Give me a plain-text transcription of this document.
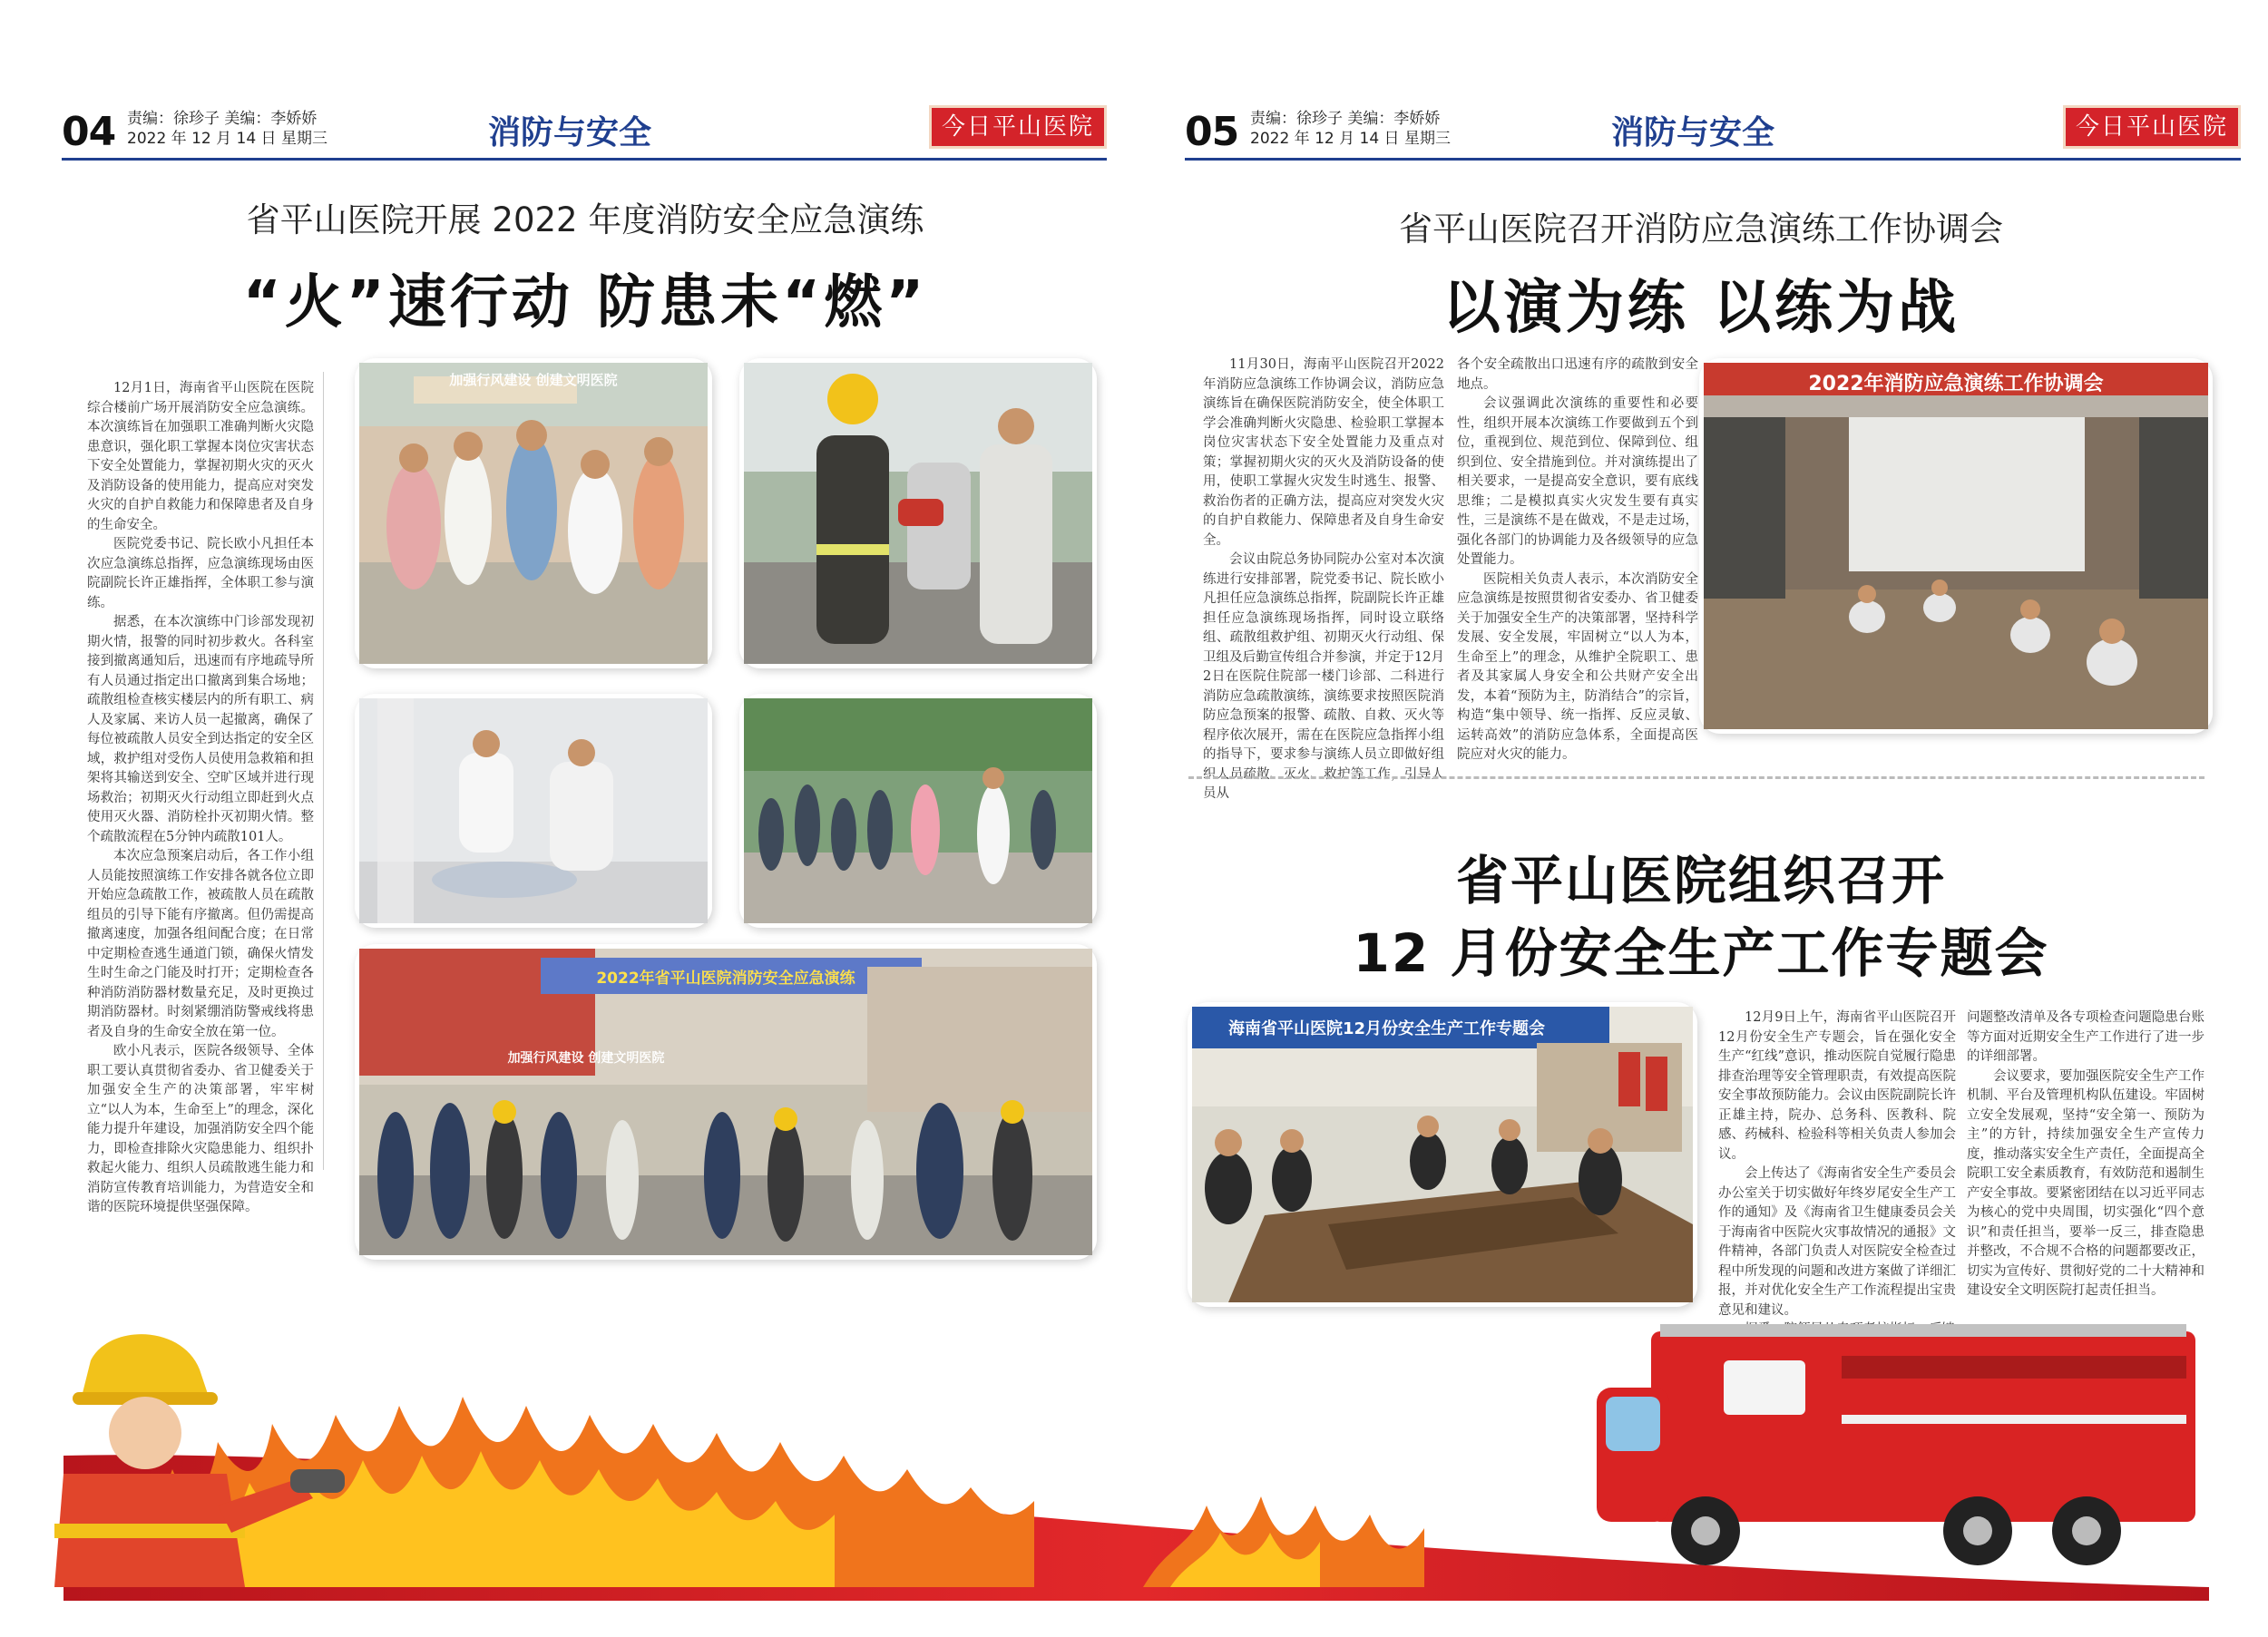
04 责编：徐珍子 美编：李娇娇
2022 年 12 月 14 日 星期三	消防与安全	今日平山医院
省平山医院开展 2022 年度消防安全应急演练
“火”速行动 防患未“燃”

12月1日，海南省平山医院在医院综合楼前广场开展消防安全应急演练。本次演练旨在加强职工准确判断火灾隐患意识，强化职工掌握本岗位灾害状态下安全处置能力，掌握初期火灾的灭火及消防设备的使用能力，提高应对突发火灾的自护自救能力和保障患者及自身的生命安全。

医院党委书记、院长欧小凡担任本次应急演练总指挥，应急演练现场由医院副院长许正雄指挥，全体职工参与演练。

据悉，在本次演练中门诊部发现初期火情，报警的同时初步救火。各科室接到撤离通知后，迅速而有序地疏导所有人员通过指定出口撤离到集合场地；疏散组检查核实楼层内的所有职工、病人及家属、来访人员一起撤离，确保了每位被疏散人员安全到达指定的安全区域，救护组对受伤人员使用急救箱和担架将其输送到安全、空旷区域并进行现场救治；初期灭火行动组立即赶到火点使用灭火器、消防栓扑灭初期火情。整个疏散流程在5分钟内疏散101人。

本次应急预案启动后，各工作小组人员能按照演练工作安排各就各位立即开始应急疏散工作，被疏散人员在疏散组员的引导下能有序撤离。但仍需提高撤离速度，加强各组间配合度；在日常中定期检查逃生通道门锁，确保火情发生时生命之门能及时打开；定期检查各种消防消防器材数量充足，及时更换过期消防器材。时刻紧绷消防警戒线将患者及自身的生命安全放在第一位。

欧小凡表示，医院各级领导、全体职工要认真贯彻省委办、省卫健委关于加强安全生产的决策部署，牢牢树立“以人为本，生命至上”的理念，深化能力提升年建设，加强消防安全四个能力，即检查排除火灾隐患能力、组织扑救起火能力、组织人员疏散逃生能力和消防宣传教育培训能力，为营造安全和谐的医院环境提供坚强保障。

加强行风建设 创建文明医院
2022年省平山医院消防安全应急演练
加强行风建设 创建文明医院
05 责编：徐珍子 美编：李娇娇
2022 年 12 月 14 日 星期三	消防与安全	今日平山医院
省平山医院召开消防应急演练工作协调会
以演为练 以练为战

11月30日，海南平山医院召开2022年消防应急演练工作协调会议，消防应急演练旨在确保医院消防安全，使全体职工学会准确判断火灾隐患、检验职工掌握本岗位灾害状态下安全处置能力及重点对策；掌握初期火灾的灭火及消防设备的使用，使职工掌握火灾发生时逃生、报警、救治伤者的正确方法，提高应对突发火灾的自护自救能力、保障患者及自身生命安全。

会议由院总务协同院办公室对本次演练进行安排部署，院党委书记、院长欧小凡担任应急演练总指挥，院副院长许正雄担任应急演练现场指挥，同时设立联络组、疏散组救护组、初期灭火行动组、保卫组及后勤宣传组合并参演，并定于12月2日在医院住院部一楼门诊部、二科进行消防应急疏散演练，演练要求按照医院消防应急预案的报警、疏散、自救、灭火等程序依次展开，需在在医院应急指挥小组的指导下，要求参与演练人员立即做好组织人员疏散、灭火、救护等工作，引导人员从

各个安全疏散出口迅速有序的疏散到安全地点。

会议强调此次演练的重要性和必要性，组织开展本次演练工作要做到五个到位，重视到位、规范到位、保障到位、组织到位、安全措施到位。并对演练提出了相关要求，一是提高安全意识，要有底线思维；二是模拟真实火灾发生要有真实性，三是演练不是在做戏，不是走过场，强化各部门的协调能力及各级领导的应急处置能力。

医院相关负责人表示，本次消防安全应急演练是按照贯彻省安委办、省卫健委关于加强安全生产的决策部署，坚持科学发展、安全发展，牢固树立“以人为本，生命至上”的理念，从维护全院职工、患者及其家属人身安全和公共财产安全出发，本着“预防为主，防消结合”的宗旨，构造“集中领导、统一指挥、反应灵敏、运转高效”的消防应急体系，全面提高医院应对火灾的能力。

2022年消防应急演练工作协调会
省平山医院组织召开
12 月份安全生产工作专题会
海南省平山医院12月份安全生产工作专题会

12月9日上午，海南省平山医院召开12月份安全生产专题会，旨在强化安全生产“红线”意识，推动医院自觉履行隐患排查治理等安全管理职责，有效提高医院安全事故预防能力。会议由医院副院长许正雄主持，院办、总务科、医教科、院感、药械科、检验科等相关负责人参加会议。

会上传达了《海南省安全生产委员会办公室关于切实做好年终岁尾安全生产工作的通知》及《海南省卫生健康委员会关于海南省中医院火灾事故情况的通报》文件精神，各部门负责人对医院安全检查过程中所发现的问题和改进方案做了详细汇报，并对优化安全生产工作流程提出宝贵意见和建议。

问题整改清单及各专项检查问题隐患台账等方面对近期安全生产工作进行了进一步的详细部署。

会议要求，要加强医院安全生产工作机制、平台及管理机构队伍建设。牢固树立安全发展观，坚持“安全第一、预防为主”的方针，持续加强安全生产宣传力度，推动落实安全生产责任，全面提高全院职工安全素质教育，有效防范和遏制生产安全事故。要紧密团结在以习近平同志为核心的党中央周围，切实强化“四个意识”和责任担当，要举一反三，排查隐患并整改，不合规不合格的问题都要改正，切实为宣传好、贯彻好党的二十大精神和建设安全文明医院打起责任担当。
